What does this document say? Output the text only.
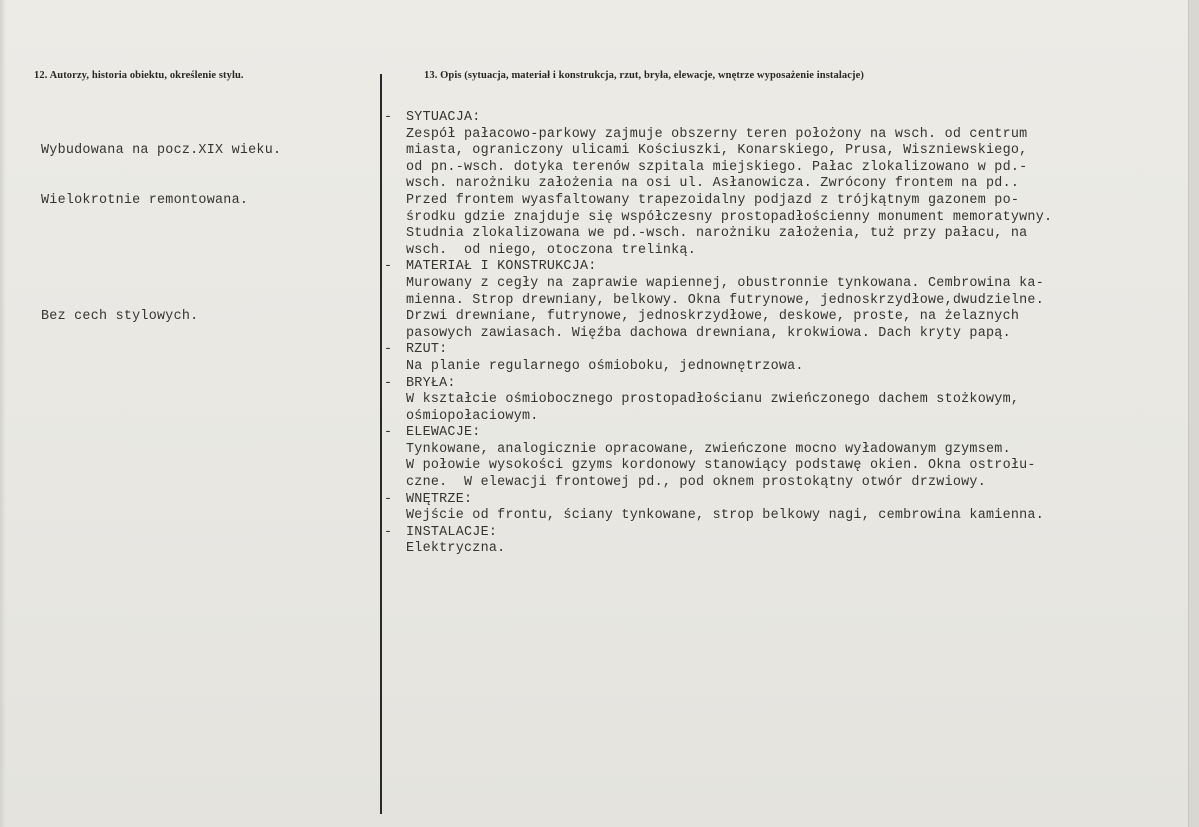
12. Autorzy, historia obiektu, określenie stylu.	13. Opis (sytuacja, materiał i konstrukcja, rzut, bryła, elewacje, wnętrze wyposażenie instalacje)

Wybudowana na pocz.XIX wieku.

Wielokrotnie remontowana.

Bez cech stylowych.

- SYTUACJA:
Zespół pałacowo-parkowy zajmuje obszerny teren położony na wsch. od centrum
miasta, ograniczony ulicami Kościuszki, Konarskiego, Prusa, Wiszniewskiego,
od pn.-wsch. dotyka terenów szpitala miejskiego. Pałac zlokalizowano w pd.-
wsch. narożniku założenia na osi ul. Asłanowicza. Zwrócony frontem na pd..
Przed frontem wyasfaltowany trapezoidalny podjazd z trójkątnym gazonem po-
środku gdzie znajduje się współczesny prostopadłościenny monument memoratywny.
Studnia zlokalizowana we pd.-wsch. narożniku założenia, tuż przy pałacu, na
wsch.  od niego, otoczona trelinką.
- MATERIAŁ I KONSTRUKCJA:
Murowany z cegły na zaprawie wapiennej, obustronnie tynkowana. Cembrowina ka-
mienna. Strop drewniany, belkowy. Okna futrynowe, jednoskrzydłowe,dwudzielne.
Drzwi drewniane, futrynowe, jednoskrzydłowe, deskowe, proste, na żelaznych
pasowych zawiasach. Więźba dachowa drewniana, krokwiowa. Dach kryty papą.
- RZUT:
Na planie regularnego ośmioboku, jednownętrzowa.
- BRYŁA:
W kształcie ośmiobocznego prostopadłościanu zwieńczonego dachem stożkowym,
ośmiopołaciowym.
- ELEWACJE:
Tynkowane, analogicznie opracowane, zwieńczone mocno wyładowanym gzymsem.
W połowie wysokości gzyms kordonowy stanowiący podstawę okien. Okna ostrołu-
czne.  W elewacji frontowej pd., pod oknem prostokątny otwór drzwiowy.
- WNĘTRZE:
Wejście od frontu, ściany tynkowane, strop belkowy nagi, cembrowina kamienna.
- INSTALACJE:
Elektryczna.
